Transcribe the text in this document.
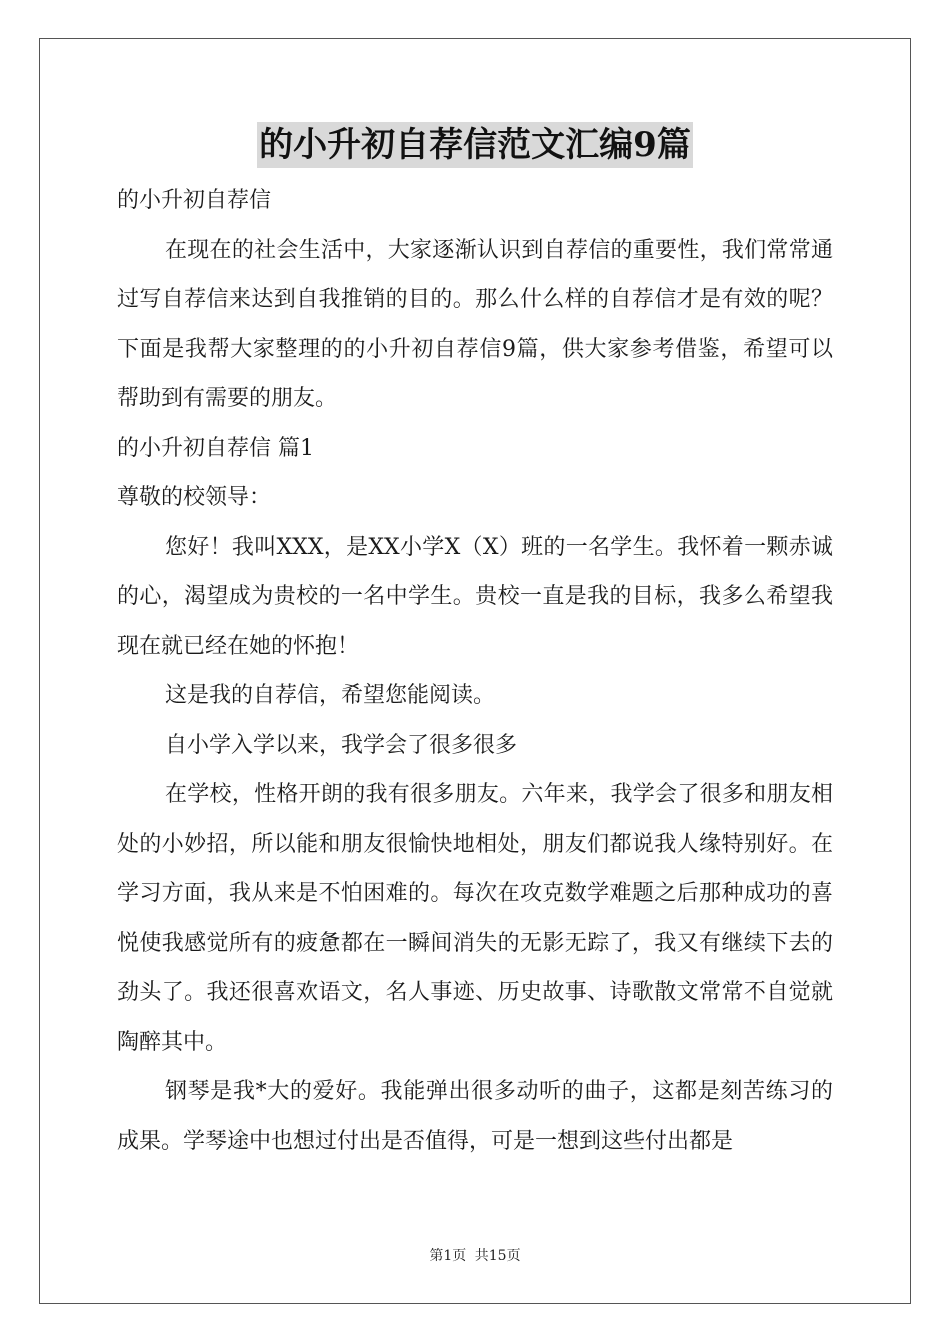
的小升初自荐信范文汇编9篇

的小升初自荐信

在现在的社会生活中，大家逐渐认识到自荐信的重要性，我们常常通过写自荐信来达到自我推销的目的。那么什么样的自荐信才是有效的呢？下面是我帮大家整理的的小升初自荐信9篇，供大家参考借鉴，希望可以帮助到有需要的朋友。

的小升初自荐信 篇1

尊敬的校领导：

您好！我叫XXX，是XX小学X（X）班的一名学生。我怀着一颗赤诚的心，渴望成为贵校的一名中学生。贵校一直是我的目标，我多么希望我现在就已经在她的怀抱！

这是我的自荐信，希望您能阅读。

自小学入学以来，我学会了很多很多

在学校，性格开朗的我有很多朋友。六年来，我学会了很多和朋友相处的小妙招，所以能和朋友很愉快地相处，朋友们都说我人缘特别好。在学习方面，我从来是不怕困难的。每次在攻克数学难题之后那种成功的喜悦使我感觉所有的疲惫都在一瞬间消失的无影无踪了，我又有继续下去的劲头了。我还很喜欢语文，名人事迹、历史故事、诗歌散文常常不自觉就陶醉其中。

钢琴是我*大的爱好。我能弹出很多动听的曲子，这都是刻苦练习的成果。学琴途中也想过付出是否值得，可是一想到这些付出都是

第1页 共15页
